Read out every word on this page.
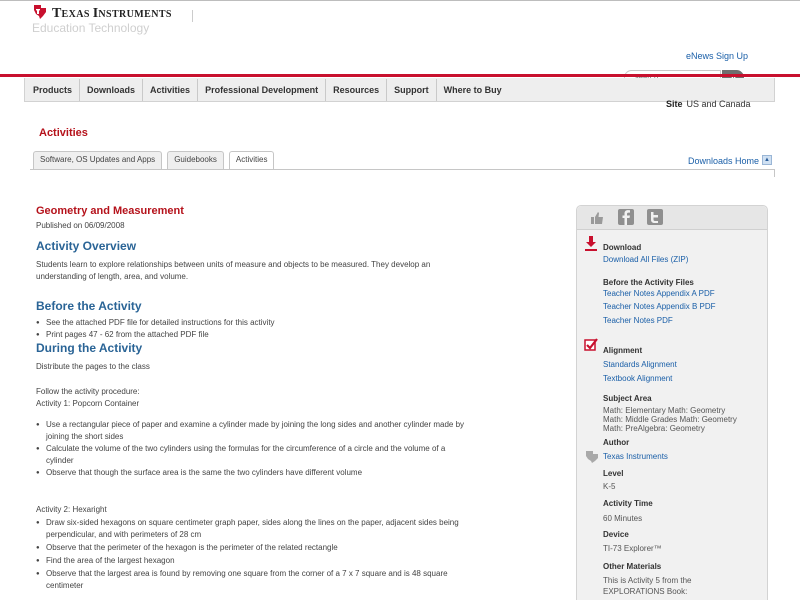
TEXAS INSTRUMENTS
Education Technology
eNews Sign Up
Search...
Products	Downloads	Activities	Professional Development	Resources	Support	Where to Buy
Site US and Canada
Activities
Software, OS Updates and Apps	Guidebooks	Activities	Downloads Home ▲
Geometry and Measurement
Published on 06/09/2008
Activity Overview
Students learn to explore relationships between units of measure and objects to be measured. They develop an
understanding of length, area, and volume.
Before the Activity
● See the attached PDF file for detailed instructions for this activity
● Print pages 47 - 62 from the attached PDF file
During the Activity
Distribute the pages to the class
Follow the activity procedure:
Activity 1: Popcorn Container
● Use a rectangular piece of paper and examine a cylinder made by joining the long sides and another cylinder made by
joining the short sides
● Calculate the volume of the two cylinders using the formulas for the circumference of a circle and the volume of a
cylinder
● Observe that though the surface area is the same the two cylinders have different volume
Activity 2: Hexaright
● Draw six-sided hexagons on square centimeter graph paper, sides along the lines on the paper, adjacent sides being
perpendicular, and with perimeters of 28 cm
● Observe that the perimeter of the hexagon is the perimeter of the related rectangle
● Find the area of the largest hexagon
● Observe that the largest area is found by removing one square from the corner of a 7 x 7 square and is 48 square
centimeter
Download
Download All Files (ZIP)
Before the Activity Files
Teacher Notes Appendix A PDF
Teacher Notes Appendix B PDF
Teacher Notes PDF
Alignment
Standards Alignment
Textbook Alignment
Subject Area
Math: Elementary Math: Geometry
Math: Middle Grades Math: Geometry
Math: PreAlgebra: Geometry
Author
Texas Instruments
Level
K-5
Activity Time
60 Minutes
Device
TI-73 Explorer™
Other Materials
This is Activity 5 from the
EXPLORATIONS Book:
